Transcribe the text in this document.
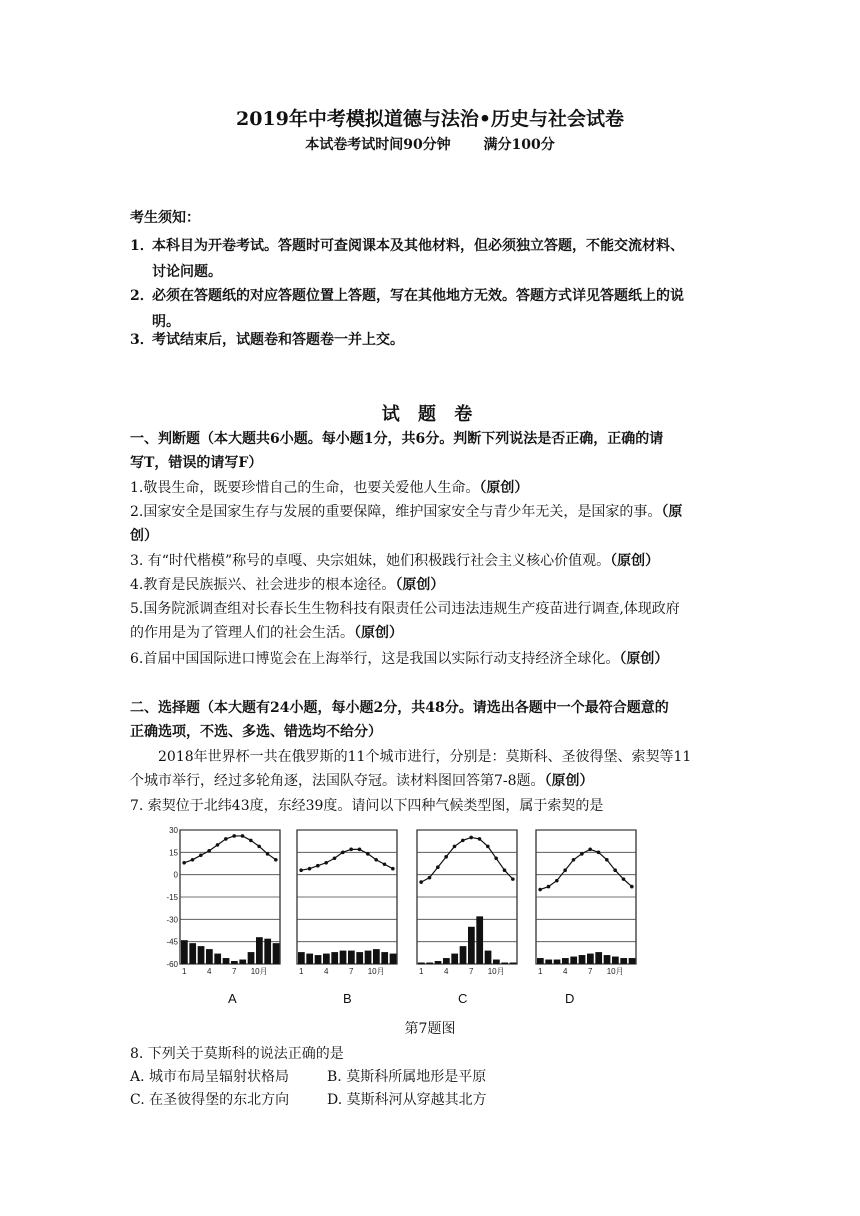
2019年中考模拟道德与法治•历史与社会试卷
本试卷考试时间90分钟　 满分100分
考生须知：
1．本科目为开卷考试。答题时可查阅课本及其他材料，但必须独立答题，不能交流材料、
讨论问题。
2．必须在答题纸的对应答题位置上答题，写在其他地方无效。答题方式详见答题纸上的说
明。
3．考试结束后，试题卷和答题卷一并上交。
试 题 卷
一、判断题（本大题共6小题。每小题1分，共6分。判断下列说法是否正确，正确的请
写T，错误的请写F）
1.敬畏生命，既要珍惜自己的生命，也要关爱他人生命。（原创）
2.国家安全是国家生存与发展的重要保障，维护国家安全与青少年无关，是国家的事。（原
创）
3. 有“时代楷模”称号的卓嘎、央宗姐妹，她们积极践行社会主义核心价值观。（原创）
4.教育是民族振兴、社会进步的根本途径。（原创）
5.国务院派调查组对长春长生生物科技有限责任公司违法违规生产疫苗进行调查,体现政府
的作用是为了管理人们的社会生活。（原创）
6.首届中国国际进口博览会在上海举行，这是我国以实际行动支持经济全球化。（原创）
二、选择题（本大题有24小题，每小题2分，共48分。请选出各题中一个最符合题意的
正确选项，不选、多选、错选均不给分）
2018年世界杯一共在俄罗斯的11个城市进行，分别是：莫斯科、圣彼得堡、索契等11
个城市举行，经过多轮角逐，法国队夺冠。读材料图回答第7-8题。（原创）
7. 索契位于北纬43度，东经39度。请问以下四种气候类型图，属于索契的是
30
15
0
-15
-30
-45
-60
1	4	7 10月	1	4	7 10月	1	4	7 10月	1	4	7 10月
A	B	C	D
第7题图
8. 下列关于莫斯科的说法正确的是
A. 城市布局呈辐射状格局	B. 莫斯科所属地形是平原
C. 在圣彼得堡的东北方向	D. 莫斯科河从穿越其北方
